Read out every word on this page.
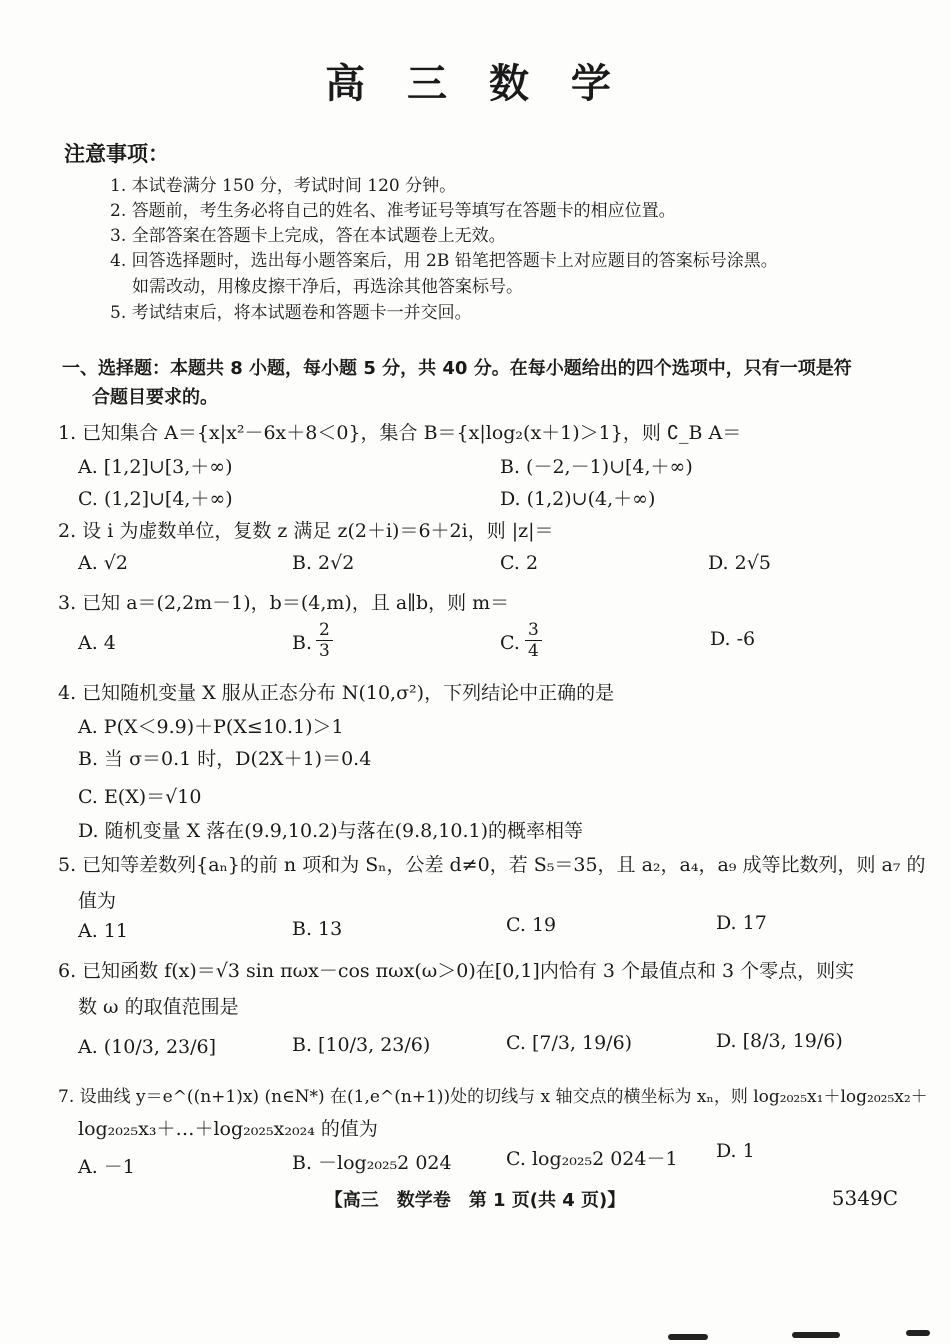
高 三 数 学
注意事项：
1. 本试卷满分 150 分，考试时间 120 分钟。
2. 答题前，考生务必将自己的姓名、准考证号等填写在答题卡的相应位置。
3. 全部答案在答题卡上完成，答在本试题卷上无效。
4. 回答选择题时，选出每小题答案后，用 2B 铅笔把答题卡上对应题目的答案标号涂黑。
如需改动，用橡皮擦干净后，再选涂其他答案标号。
5. 考试结束后，将本试题卷和答题卡一并交回。
一、选择题：本题共 8 小题，每小题 5 分，共 40 分。在每小题给出的四个选项中，只有一项是符
合题目要求的。
1. 已知集合 A＝{x|x²－6x＋8＜0}，集合 B＝{x|log₂(x＋1)＞1}，则 ∁_B A＝
A. [1,2]∪[3,＋∞)	B. (－2,－1)∪[4,＋∞)
C. (1,2]∪[4,＋∞)	D. (1,2)∪(4,＋∞)
2. 设 i 为虚数单位，复数 z 满足 z(2＋i)＝6＋2i，则 |z|＝
A. √2	B. 2√2	C. 2	D. 2√5
3. 已知 a＝(2,2m－1)，b＝(4,m)，且 a∥b，则 m＝
A. 4	B. $\frac{2}{3}$	C. $\frac{3}{4}$	D. -6
4. 已知随机变量 X 服从正态分布 N(10,σ²)，下列结论中正确的是
A. P(X＜9.9)＋P(X≤10.1)＞1
B. 当 σ＝0.1 时，D(2X＋1)＝0.4
C. E(X)＝√10
D. 随机变量 X 落在(9.9,10.2)与落在(9.8,10.1)的概率相等
5. 已知等差数列{aₙ}的前 n 项和为 Sₙ，公差 d≠0，若 S₅＝35，且 a₂，a₄，a₉ 成等比数列，则 a₇ 的
值为
A. 11	B. 13	C. 19	D. 17
6. 已知函数 f(x)＝√3 sin πωx－cos πωx(ω＞0)在[0,1]内恰有 3 个最值点和 3 个零点，则实
数 ω 的取值范围是
A. (10/3, 23/6]	B. [10/3, 23/6)	C. [7/3, 19/6)	D. [8/3, 19/6)
7. 设曲线 y＝e^((n+1)x) (n∈N*) 在(1,e^(n+1))处的切线与 x 轴交点的横坐标为 xₙ，则 log₂₀₂₅x₁＋log₂₀₂₅x₂＋
log₂₀₂₅x₃＋…＋log₂₀₂₅x₂₀₂₄ 的值为
A. －1	B. －log₂₀₂₅2 024	C. log₂₀₂₅2 024－1 D. 1
【高三　数学卷　第 1 页(共 4 页)】	5349C
